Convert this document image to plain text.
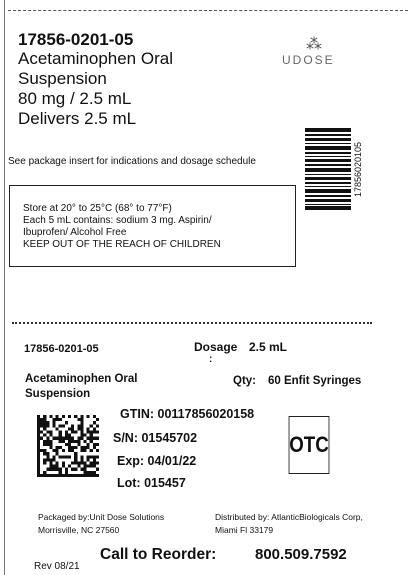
17856-0201-05
Acetaminophen Oral
Suspension
80 mg / 2.5 mL
Delivers 2.5 mL
⁂
UDOSE
See package insert for indications and dosage schedule	17856020105
Store at 20° to 25°C (68° to 77°F)
Each 5 mL contains: sodium 3 mg. Aspirin/
Ibuprofen/ Alcohol Free
KEEP OUT OF THE REACH OF CHILDREN
17856-0201-05	Dosage 2.5 mL
:
Acetaminophen Oral
Suspension
Qty: 60 Enfit Syringes
GTIN: 00117856020158
S/N: 01545702
Exp: 04/01/22
Lot: 015457
OTC
Packaged by:Unit Dose Solutions
Morrisville, NC 27560
Distributed by: AtlanticBiologicals Corp,
Miami Fl 33179
Rev 08/21
Call to Reorder:	800.509.7592
